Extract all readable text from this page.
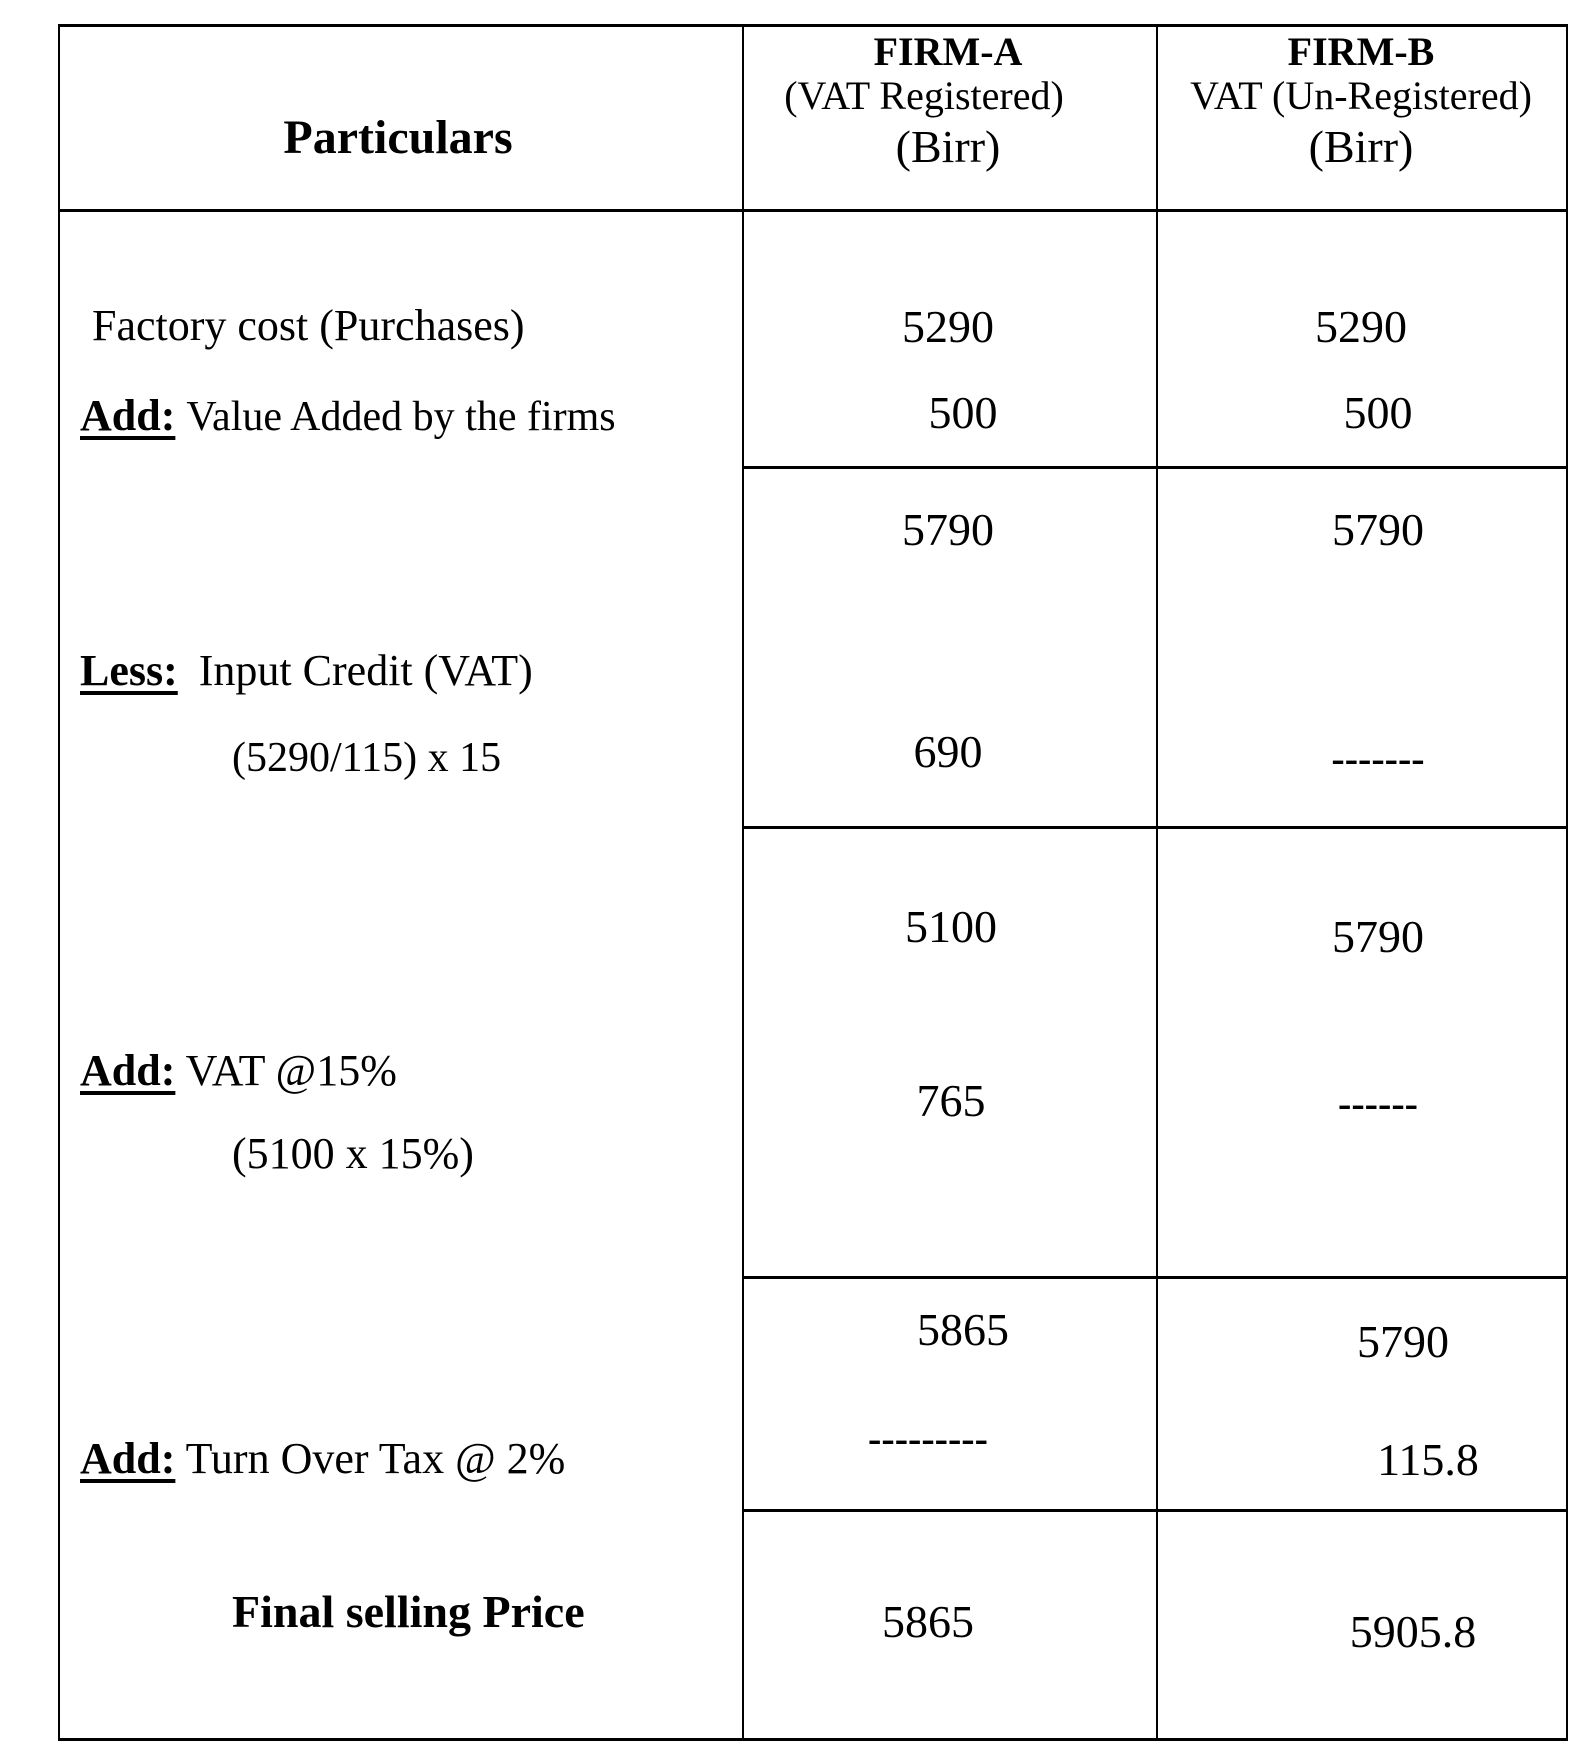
Particulars
FIRM-A
(VAT Registered)
(Birr)
FIRM-B
VAT (Un-Registered)
(Birr)
Factory cost (Purchases)
Add: Value Added by the firms
Less: Input Credit (VAT)
(5290/115) x 15
Add: VAT @15%
(5100 x 15%)
Add: Turn Over Tax @ 2%
Final selling Price
5290
500
5790
690
5100
765
5865
---------
5865
5290
500
5790
-------
5790
------
5790
115.8
5905.8
